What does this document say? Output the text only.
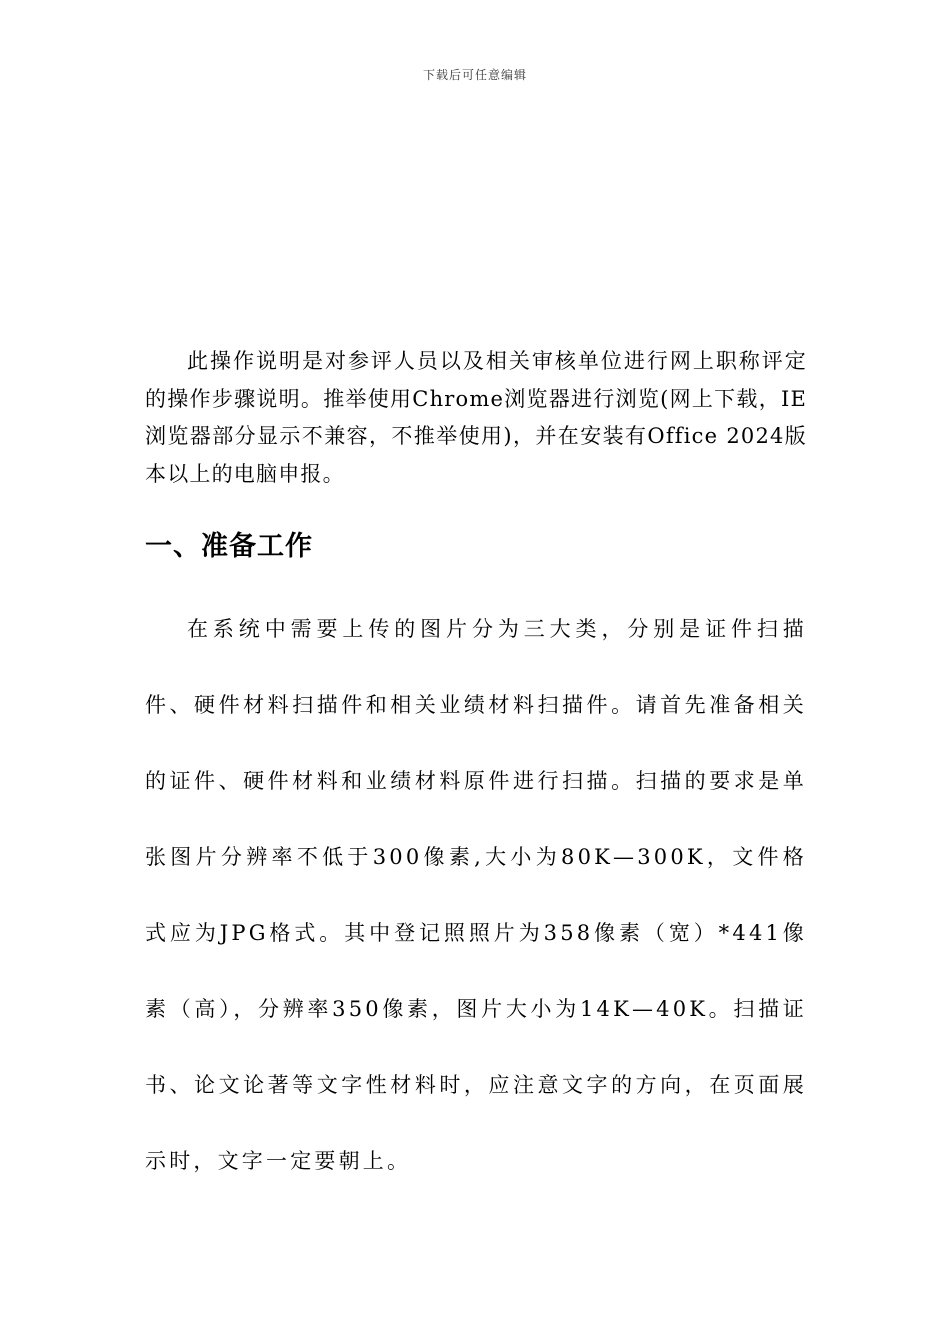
下载后可任意编辑

此操作说明是对参评人员以及相关审核单位进行网上职称评定的操作步骤说明。推举使用Chrome浏览器进行浏览(网上下载，IE浏览器部分显示不兼容，不推举使用)，并在安装有Office 2024版本以上的电脑申报。

一、准备工作

在系统中需要上传的图片分为三大类，分别是证件扫描件、硬件材料扫描件和相关业绩材料扫描件。请首先准备相关的证件、硬件材料和业绩材料原件进行扫描。扫描的要求是单张图片分辨率不低于300像素,大小为80K—300K，文件格式应为JPG格式。其中登记照照片为358像素（宽）*441像素（高），分辨率350像素，图片大小为14K—40K。扫描证书、论文论著等文字性材料时，应注意文字的方向，在页面展示时，文字一定要朝上。
